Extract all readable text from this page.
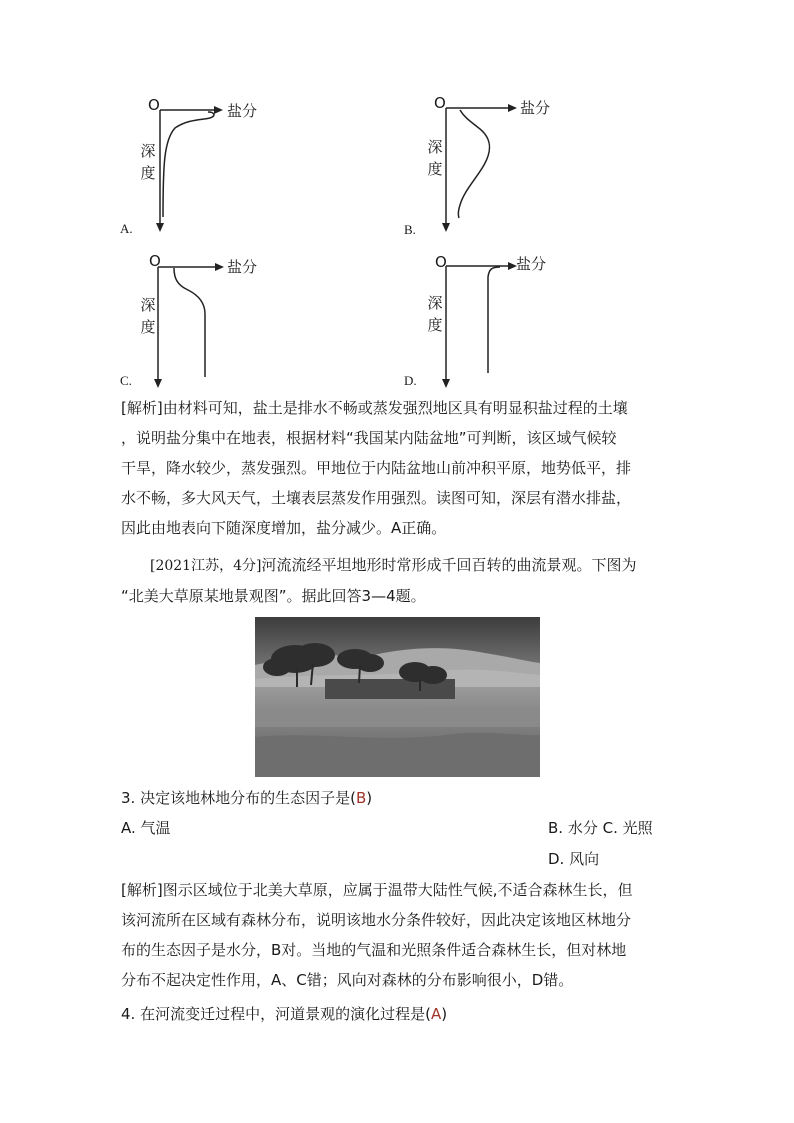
O	盐分
深度
A.
O	盐分
深度
B.
O	盐分
深度
C.
O	盐分
深度
D.
[解析]由材料可知，盐土是排水不畅或蒸发强烈地区具有明显积盐过程的土壤
，说明盐分集中在地表，根据材料“我国某内陆盆地”可判断，该区域气候较
干旱，降水较少，蒸发强烈。甲地位于内陆盆地山前冲积平原，地势低平，排
水不畅，多大风天气，土壤表层蒸发作用强烈。读图可知，深层有潜水排盐，
因此由地表向下随深度增加，盐分减少。A正确。
[2021江苏，4分]河流流经平坦地形时常形成千回百转的曲流景观。下图为
“北美大草原某地景观图”。据此回答3—4题。
3. 决定该地林地分布的生态因子是(B)
A. 气温	B. 水分 C. 光照
D. 风向
[解析]图示区域位于北美大草原，应属于温带大陆性气候,不适合森林生长，但
该河流所在区域有森林分布，说明该地水分条件较好，因此决定该地区林地分
布的生态因子是水分，B对。当地的气温和光照条件适合森林生长，但对林地
分布不起决定性作用，A、C错；风向对森林的分布影响很小，D错。
4. 在河流变迁过程中，河道景观的演化过程是(A)
